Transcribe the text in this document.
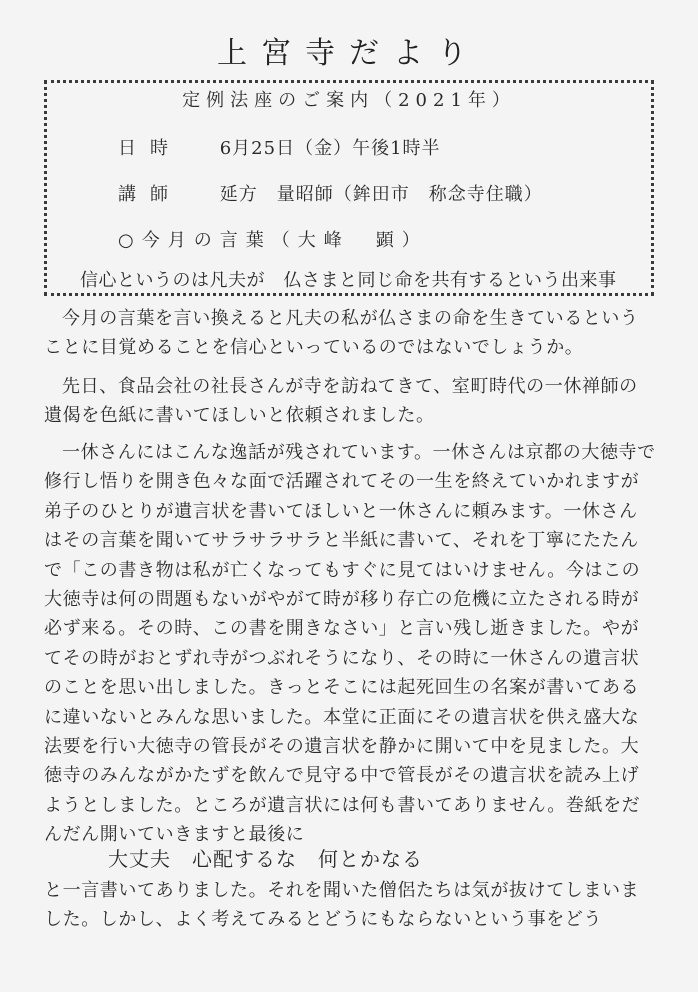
上宮寺だより
定例法座のご案内（2021年）
日時 6月25日（金）午後1時半
講師 延方　量昭師（鉾田市　称念寺住職）
○今月の言葉（大峰　顕）
信心というのは凡夫が　仏さまと同じ命を共有するという出来事

今月の言葉を言い換えると凡夫の私が仏さまの命を生きているということに目覚めることを信心といっているのではないでしょうか。

先日、食品会社の社長さんが寺を訪ねてきて、室町時代の一休禅師の遺偈を色紙に書いてほしいと依頼されました。

一休さんにはこんな逸話が残されています。一休さんは京都の大徳寺で修行し悟りを開き色々な面で活躍されてその一生を終えていかれますが弟子のひとりが遺言状を書いてほしいと一休さんに頼みます。一休さんはその言葉を聞いてサラサラサラと半紙に書いて、それを丁寧にたたんで「この書き物は私が亡くなってもすぐに見てはいけません。今はこの大徳寺は何の問題もないがやがて時が移り存亡の危機に立たされる時が必ず来る。その時、この書を開きなさい」と言い残し逝きました。やがてその時がおとずれ寺がつぶれそうになり、その時に一休さんの遺言状のことを思い出しました。きっとそこには起死回生の名案が書いてあるに違いないとみんな思いました。本堂に正面にその遺言状を供え盛大な法要を行い大徳寺の管長がその遺言状を静かに開いて中を見ました。大徳寺のみんながかたずを飲んで見守る中で管長がその遺言状を読み上げようとしました。ところが遺言状には何も書いてありません。巻紙をだんだん開いていきますと最後に

大丈夫　心配するな　何とかなる

と一言書いてありました。それを聞いた僧侶たちは気が抜けてしまいました。しかし、よく考えてみるとどうにもならないという事をどう
